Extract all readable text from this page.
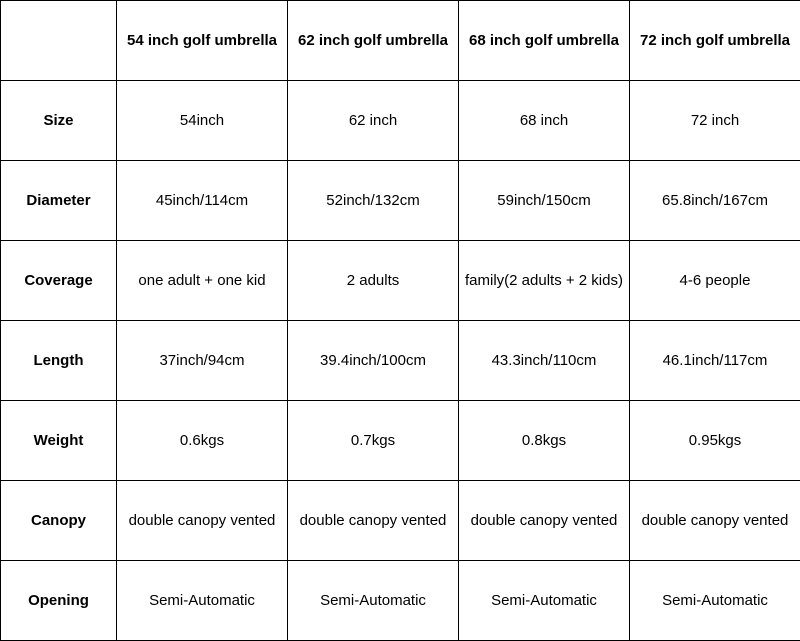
	54 inch golf umbrella	62 inch golf umbrella	68 inch golf umbrella	72 inch golf umbrella
Size	54inch	62 inch	68 inch	72 inch
Diameter	45inch/114cm	52inch/132cm	59inch/150cm	65.8inch/167cm
Coverage	one adult + one kid	2 adults	family(2 adults + 2 kids)	4-6 people
Length	37inch/94cm	39.4inch/100cm	43.3inch/110cm	46.1inch/117cm
Weight	0.6kgs	0.7kgs	0.8kgs	0.95kgs
Canopy	double canopy vented	double canopy vented	double canopy vented	double canopy vented
Opening	Semi-Automatic	Semi-Automatic	Semi-Automatic	Semi-Automatic
